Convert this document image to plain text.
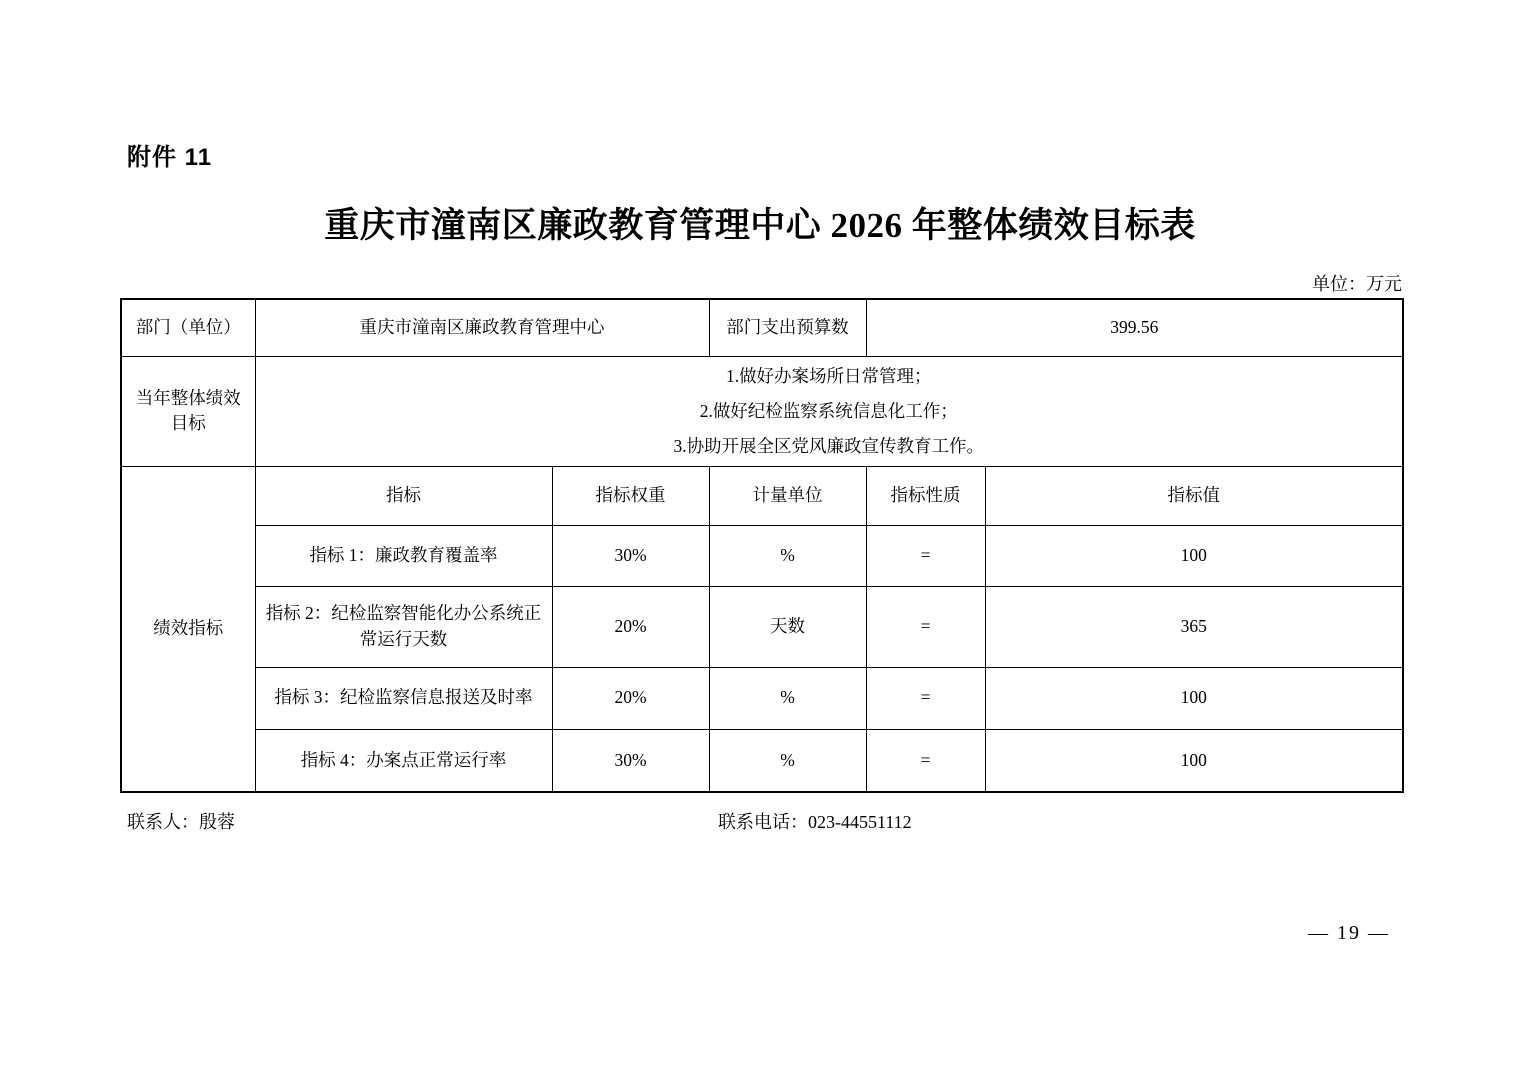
附件 11
重庆市潼南区廉政教育管理中心 2026 年整体绩效目标表
单位：万元
部门（单位）	重庆市潼南区廉政教育管理中心		部门支出预算数	399.56	
当年整体绩效目标	1.做好办案场所日常管理；
2.做好纪检监察系统信息化工作；
3.协助开展全区党风廉政宣传教育工作。				

绩效指标	指标	指标权重	计量单位	指标性质	指标值
	指标 1：廉政教育覆盖率	30%	%	=	100
	指标 2：纪检监察智能化办公系统正常运行天数	20%	天数	=	365
	指标 3：纪检监察信息报送及时率	20%	%	=	100
	指标 4：办案点正常运行率	30%	%	=	100
联系人：殷蓉	联系电话：023-44551112
— 19 —
